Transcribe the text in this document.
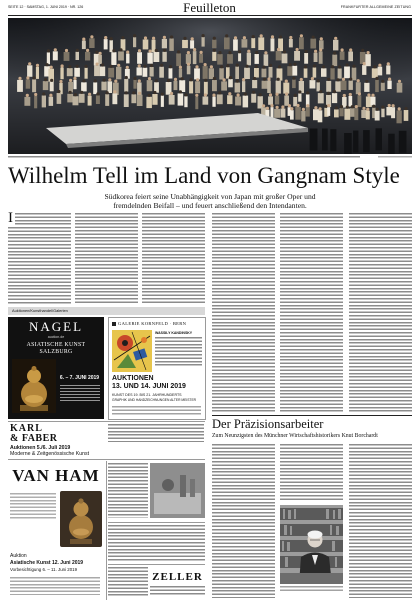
SEITE 12 · SAMSTAG, 1. JUNI 2019 · NR. 126	Feuilleton	FRANKFURTER ALLGEMEINE ZEITUNG
Wilhelm Tell im Land von Gangnam Style
Südkorea feiert seine Unabhängigkeit von Japan mit großer Oper und
fremdelnden Beifall – und feuert anschließend den Intendanten.
I
Auktionen/Kunsthandel/Galerien
NAGEL
auction.de
ASIATISCHE KUNST
SALZBURG
6. – 7. JUNI 2019
GALERIE KORNFELD · BERN
WASSILY KANDINSKY
AUKTIONEN
13. UND 14. JUNI 2019
KUNST DES 19. BIS 21. JAHRHUNDERTS
GRAPHIK UND HANDZEICHNUNGEN ALTER MEISTER
KARL
& FABER
Auktionen 5./6. Juli 2019
Moderne & Zeitgenössische Kunst
VAN HAM
Auktion
Asiatische Kunst 12. Juni 2019
Vorbesichtigung 6. – 11. Juni 2019
ZELLER
Der Präzisionsarbeiter
Zum Neunzigsten des Münchner Wirtschaftshistorikers Knut Borchardt
